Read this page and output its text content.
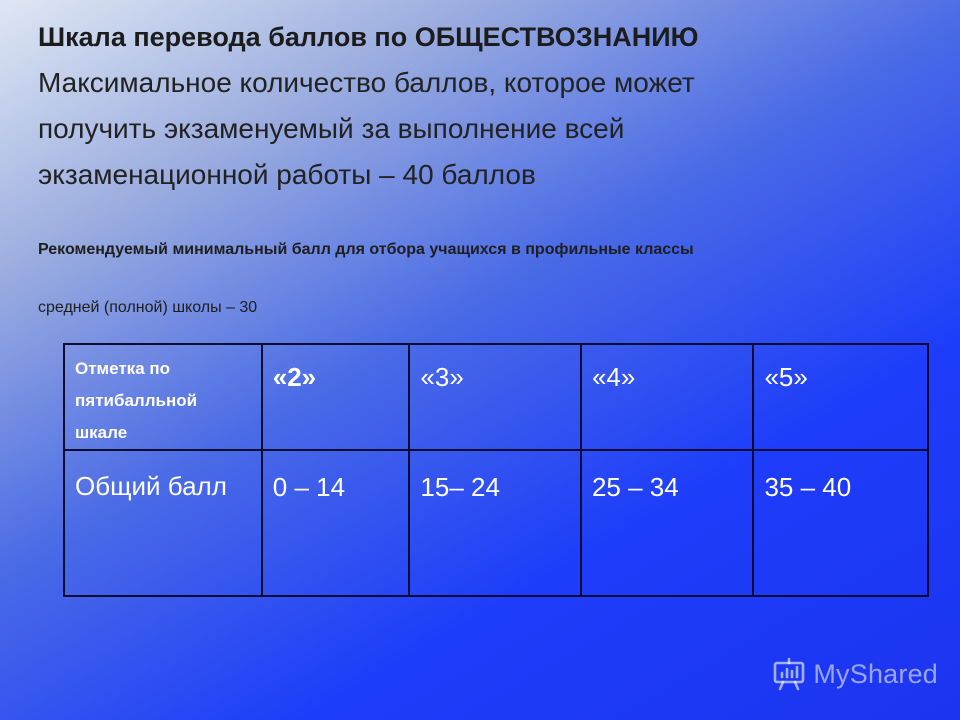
Шкала перевода баллов по ОБЩЕСТВОЗНАНИЮ
Максимальное количество баллов, которое может
получить экзаменуемый за выполнение всей
экзаменационной работы – 40 баллов
Рекомендуемый минимальный балл для отбора учащихся в профильные классы
средней (полной) школы – 30
Отметка по пятибалльной шкале	«2»	«3»	«4»	«5»

Общий балл	0 – 14	15– 24	25 – 34	35 – 40
MyShared
